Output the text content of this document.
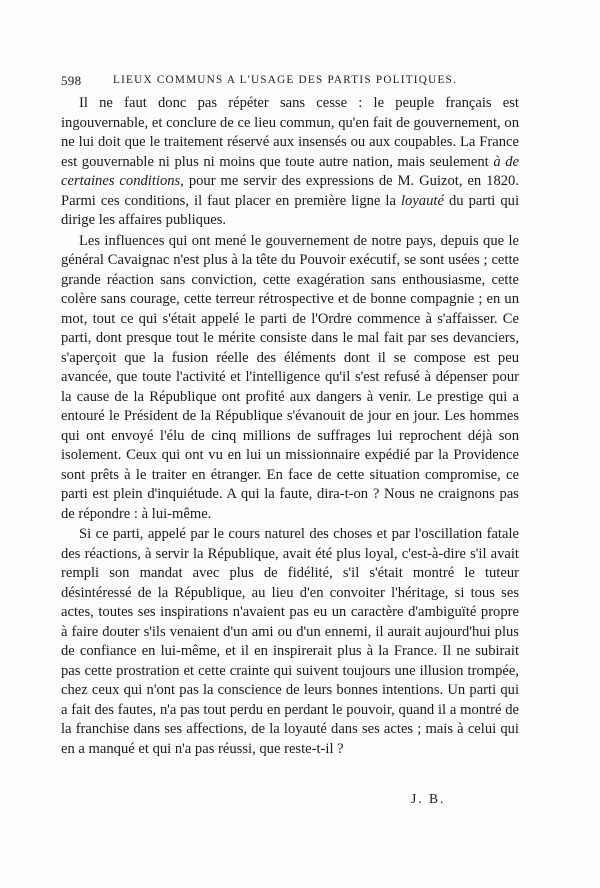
598	LIEUX COMMUNS A L'USAGE DES PARTIS POLITIQUES.

Il ne faut donc pas répéter sans cesse : le peuple français est ingouvernable, et conclure de ce lieu commun, qu'en fait de gouvernement, on ne lui doit que le traitement réservé aux insensés ou aux coupables. La France est gouvernable ni plus ni moins que toute autre nation, mais seulement à de certaines conditions, pour me servir des expressions de M. Guizot, en 1820. Parmi ces conditions, il faut placer en première ligne la loyauté du parti qui dirige les affaires publiques.

Les influences qui ont mené le gouvernement de notre pays, depuis que le général Cavaignac n'est plus à la tête du Pouvoir exécutif, se sont usées ; cette grande réaction sans conviction, cette exagération sans enthousiasme, cette colère sans courage, cette terreur rétrospective et de bonne compagnie ; en un mot, tout ce qui s'était appelé le parti de l'Ordre commence à s'affaisser. Ce parti, dont presque tout le mérite consiste dans le mal fait par ses devanciers, s'aperçoit que la fusion réelle des éléments dont il se compose est peu avancée, que toute l'activité et l'intelligence qu'il s'est refusé à dépenser pour la cause de la République ont profité aux dangers à venir. Le prestige qui a entouré le Président de la République s'évanouit de jour en jour. Les hommes qui ont envoyé l'élu de cinq millions de suffrages lui reprochent déjà son isolement. Ceux qui ont vu en lui un missionnaire expédié par la Providence sont prêts à le traiter en étranger. En face de cette situation compromise, ce parti est plein d'inquiétude. A qui la faute, dira-t-on ? Nous ne craignons pas de répondre : à lui-même.

Si ce parti, appelé par le cours naturel des choses et par l'oscillation fatale des réactions, à servir la République, avait été plus loyal, c'est-à-dire s'il avait rempli son mandat avec plus de fidélité, s'il s'était montré le tuteur désintéressé de la République, au lieu d'en convoiter l'héritage, si tous ses actes, toutes ses inspirations n'avaient pas eu un caractère d'ambiguïté propre à faire douter s'ils venaient d'un ami ou d'un ennemi, il aurait aujourd'hui plus de confiance en lui-même, et il en inspirerait plus à la France. Il ne subirait pas cette prostration et cette crainte qui suivent toujours une illusion trompée, chez ceux qui n'ont pas la conscience de leurs bonnes intentions. Un parti qui a fait des fautes, n'a pas tout perdu en perdant le pouvoir, quand il a montré de la franchise dans ses affections, de la loyauté dans ses actes ; mais à celui qui en a manqué et qui n'a pas réussi, que reste-t-il ?

J. B.
